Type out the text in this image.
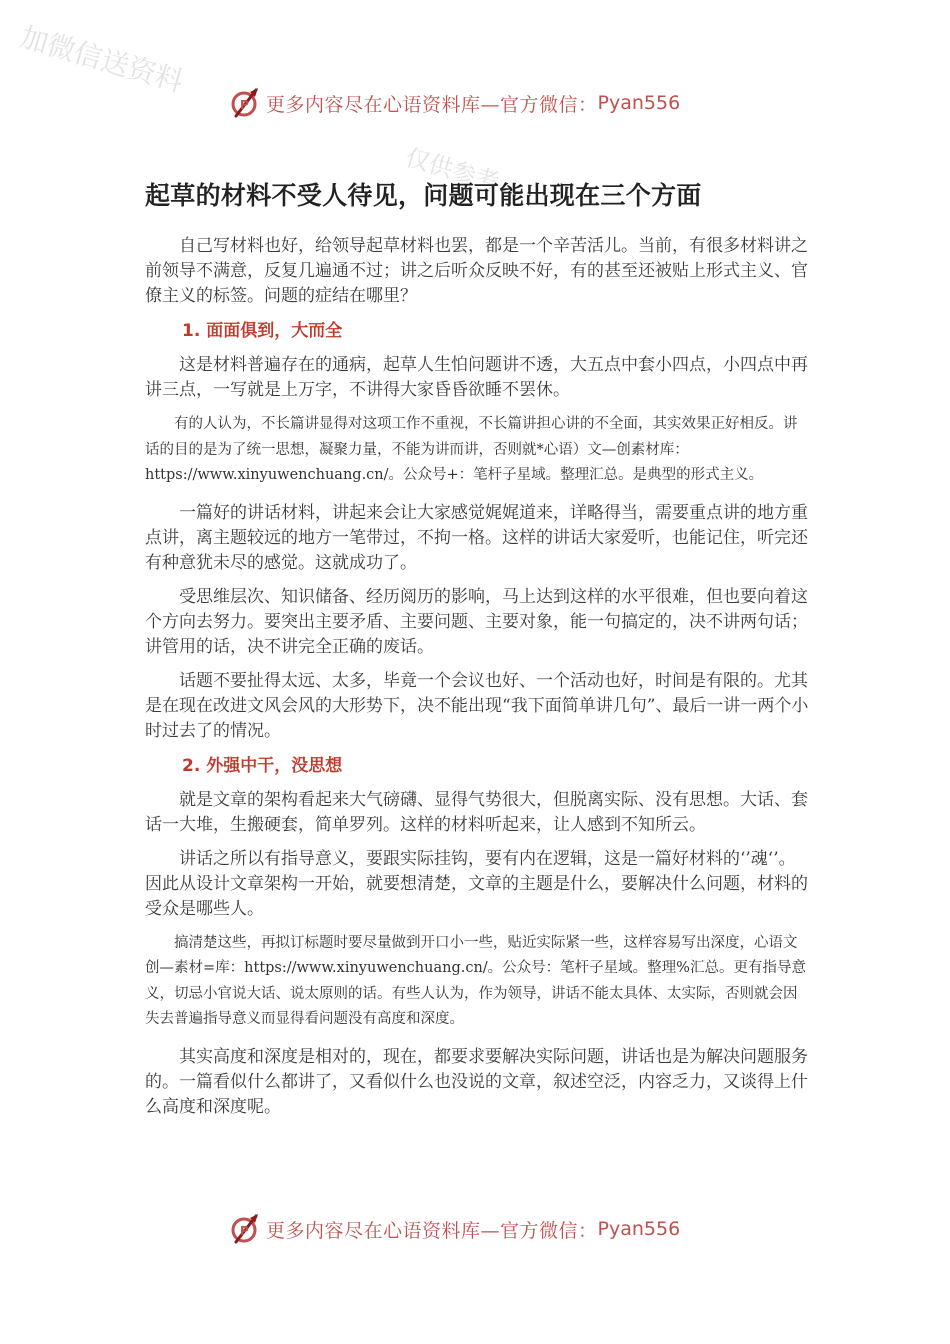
加微信送资料
仅供参考
P 更多内容尽在心语资料库—官方微信： Pyan556
起草的材料不受人待见，问题可能出现在三个方面

自己写材料也好，给领导起草材料也罢，都是一个辛苦活儿。当前，有很多材料讲之前领导不满意，反复几遍通不过；讲之后听众反映不好，有的甚至还被贴上形式主义、官僚主义的标签。问题的症结在哪里？

1. 面面俱到，大而全

这是材料普遍存在的通病，起草人生怕问题讲不透，大五点中套小四点，小四点中再讲三点，一写就是上万字，不讲得大家昏昏欲睡不罢休。

有的人认为，不长篇讲显得对这项工作不重视，不长篇讲担心讲的不全面，其实效果正好相反。讲话的目的是为了统一思想，凝聚力量，不能为讲而讲，否则就*心语）文—创素材库：https://www.xinyuwenchuang.cn/。公众号+：笔杆子星域。整理汇总。是典型的形式主义。

一篇好的讲话材料，讲起来会让大家感觉娓娓道来，详略得当，需要重点讲的地方重点讲，离主题较远的地方一笔带过，不拘一格。这样的讲话大家爱听，也能记住，听完还有种意犹未尽的感觉。这就成功了。

受思维层次、知识储备、经历阅历的影响，马上达到这样的水平很难，但也要向着这个方向去努力。要突出主要矛盾、主要问题、主要对象，能一句搞定的，决不讲两句话；讲管用的话，决不讲完全正确的废话。

话题不要扯得太远、太多，毕竟一个会议也好、一个活动也好，时间是有限的。尤其是在现在改进文风会风的大形势下，决不能出现“我下面简单讲几句”、最后一讲一两个小时过去了的情况。

2. 外强中干，没思想

就是文章的架构看起来大气磅礴、显得气势很大，但脱离实际、没有思想。大话、套话一大堆，生搬硬套，简单罗列。这样的材料听起来，让人感到不知所云。

讲话之所以有指导意义，要跟实际挂钩，要有内在逻辑，这是一篇好材料的‘’魂‘’。因此从设计文章架构一开始，就要想清楚，文章的主题是什么，要解决什么问题，材料的受众是哪些人。

搞清楚这些，再拟订标题时要尽量做到开口小一些，贴近实际紧一些，这样容易写出深度，心语文创—素材=库：https://www.xinyuwenchuang.cn/。公众号：笔杆子星域。整理%汇总。更有指导意义，切忌小官说大话、说太原则的话。有些人认为，作为领导，讲话不能太具体、太实际，否则就会因失去普遍指导意义而显得看问题没有高度和深度。

其实高度和深度是相对的，现在，都要求要解决实际问题，讲话也是为解决问题服务的。一篇看似什么都讲了，又看似什么也没说的文章，叙述空泛，内容乏力，又谈得上什么高度和深度呢。

P 更多内容尽在心语资料库—官方微信： Pyan556
